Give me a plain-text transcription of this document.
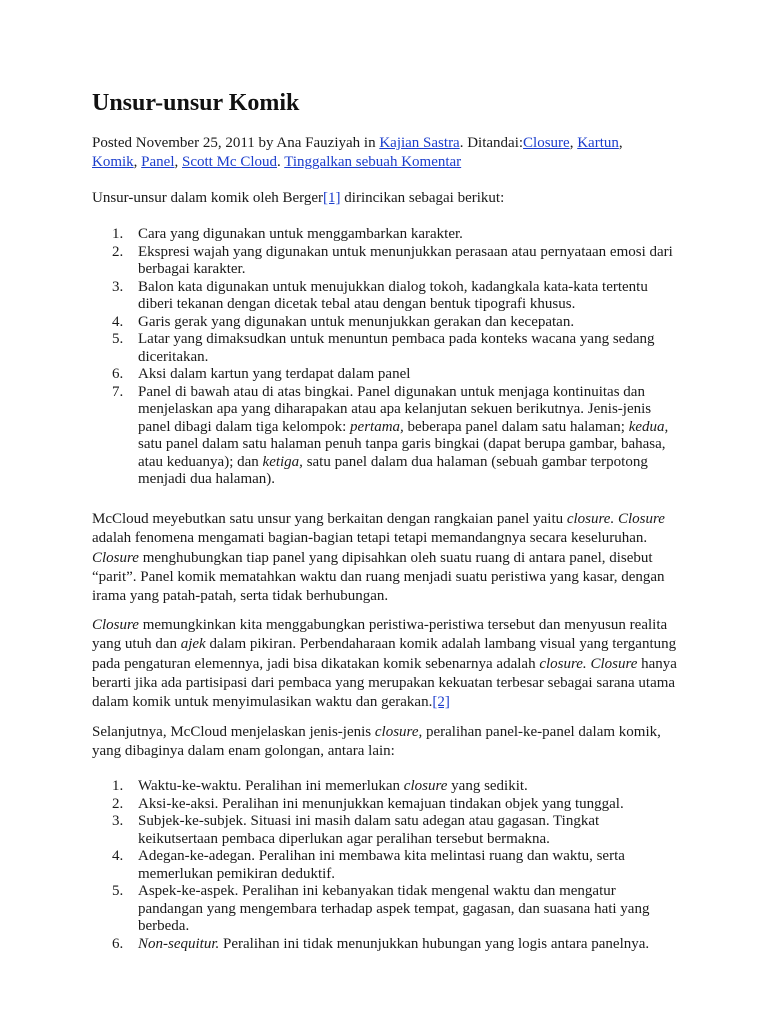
Unsur-unsur Komik
Posted November 25, 2011 by Ana Fauziyah in Kajian Sastra. Ditandai:Closure, Kartun,
Komik, Panel, Scott Mc Cloud. Tinggalkan sebuah Komentar

Unsur-unsur dalam komik oleh Berger[1] dirincikan sebagai berikut:

1. Cara yang digunakan untuk menggambarkan karakter.
2. Ekspresi wajah yang digunakan untuk menunjukkan perasaan atau pernyataan emosi dari berbagai karakter.
3. Balon kata digunakan untuk menujukkan dialog tokoh, kadangkala kata-kata tertentu diberi tekanan dengan dicetak tebal atau dengan bentuk tipografi khusus.
4. Garis gerak yang digunakan untuk menunjukkan gerakan dan kecepatan.
5. Latar yang dimaksudkan untuk menuntun pembaca pada konteks wacana yang sedang diceritakan.
6. Aksi dalam kartun yang terdapat dalam panel
7. Panel di bawah atau di atas bingkai. Panel digunakan untuk menjaga kontinuitas dan menjelaskan apa yang diharapakan atau apa kelanjutan sekuen berikutnya. Jenis-jenis panel dibagi dalam tiga kelompok: pertama, beberapa panel dalam satu halaman; kedua, satu panel dalam satu halaman penuh tanpa garis bingkai (dapat berupa gambar, bahasa, atau keduanya); dan ketiga, satu panel dalam dua halaman (sebuah gambar terpotong menjadi dua halaman).

McCloud meyebutkan satu unsur yang berkaitan dengan rangkaian panel yaitu closure. Closure adalah fenomena mengamati bagian-bagian tetapi tetapi memandangnya secara keseluruhan. Closure menghubungkan tiap panel yang dipisahkan oleh suatu ruang di antara panel, disebut “parit”. Panel komik mematahkan waktu dan ruang menjadi suatu peristiwa yang kasar, dengan irama yang patah-patah, serta tidak berhubungan.

Closure memungkinkan kita menggabungkan peristiwa-peristiwa tersebut dan menyusun realita yang utuh dan ajek dalam pikiran. Perbendaharaan komik adalah lambang visual yang tergantung pada pengaturan elemennya, jadi bisa dikatakan komik sebenarnya adalah closure. Closure hanya berarti jika ada partisipasi dari pembaca yang merupakan kekuatan terbesar sebagai sarana utama dalam komik untuk menyimulasikan waktu dan gerakan.[2]

Selanjutnya, McCloud menjelaskan jenis-jenis closure, peralihan panel-ke-panel dalam komik, yang dibaginya dalam enam golongan, antara lain:

1. Waktu-ke-waktu. Peralihan ini memerlukan closure yang sedikit.
2. Aksi-ke-aksi. Peralihan ini menunjukkan kemajuan tindakan objek yang tunggal.
3. Subjek-ke-subjek. Situasi ini masih dalam satu adegan atau gagasan. Tingkat keikutsertaan pembaca diperlukan agar peralihan tersebut bermakna.
4. Adegan-ke-adegan. Peralihan ini membawa kita melintasi ruang dan waktu, serta memerlukan pemikiran deduktif.
5. Aspek-ke-aspek. Peralihan ini kebanyakan tidak mengenal waktu dan mengatur pandangan yang mengembara terhadap aspek tempat, gagasan, dan suasana hati yang berbeda.
6. Non-sequitur. Peralihan ini tidak menunjukkan hubungan yang logis antara panelnya.
